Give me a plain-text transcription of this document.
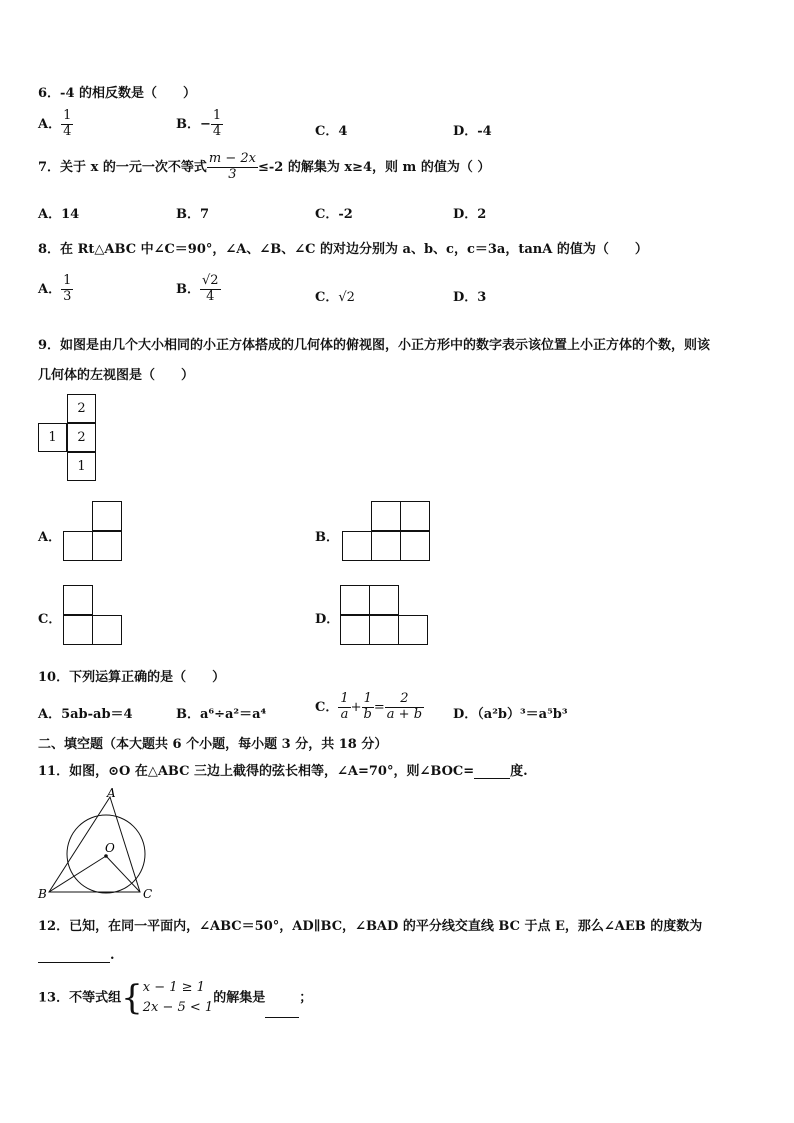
6．-4 的相反数是（　　）
A． $\frac{1}{4}$	B．− $\frac{1}{4}$	C．4	D．-4
7．关于 x 的一元一次不等式 $\frac{m - 2x}{3} \le-2$ 的解集为 x≥4，则 m 的值为（ ）
A．14	B．7	C．-2	D．2
8．在 Rt△ABC 中∠C＝90°，∠A、∠B、∠C 的对边分别为 a、b、c，c＝3a，tanA 的值为（　　）
A． $\frac{1}{3}$	B． $\frac{√2}{4}$	C．√2	D．3
9．如图是由几个大小相同的小正方体搭成的几何体的俯视图，小正方形中的数字表示该位置上小正方体的个数，则该
几何体的左视图是（　　）
2
1	2
1
A．	B．
C．	D．
10．下列运算正确的是（　　）
A．5ab-ab＝4	B．a⁶÷a²＝a⁴	C． $\frac{1}{a} + \frac{1}{b} = \frac{2}{a + b}$ D．（a²b）³＝a⁵b³
二、填空题（本大题共 6 个小题，每小题 3 分，共 18 分）
11．如图，⊙O 在△ABC 三边上截得的弦长相等，∠A=70°，则∠BOC=	度.
A
B	C
O
12．已知，在同一平面内，∠ABC＝50°，AD∥BC，∠BAD 的平分线交直线 BC 于点 E，那么∠AEB 的度数为
.
13．不等式组{ x − 1 ≥ 1
2x − 5 < 1
的解集是	；
